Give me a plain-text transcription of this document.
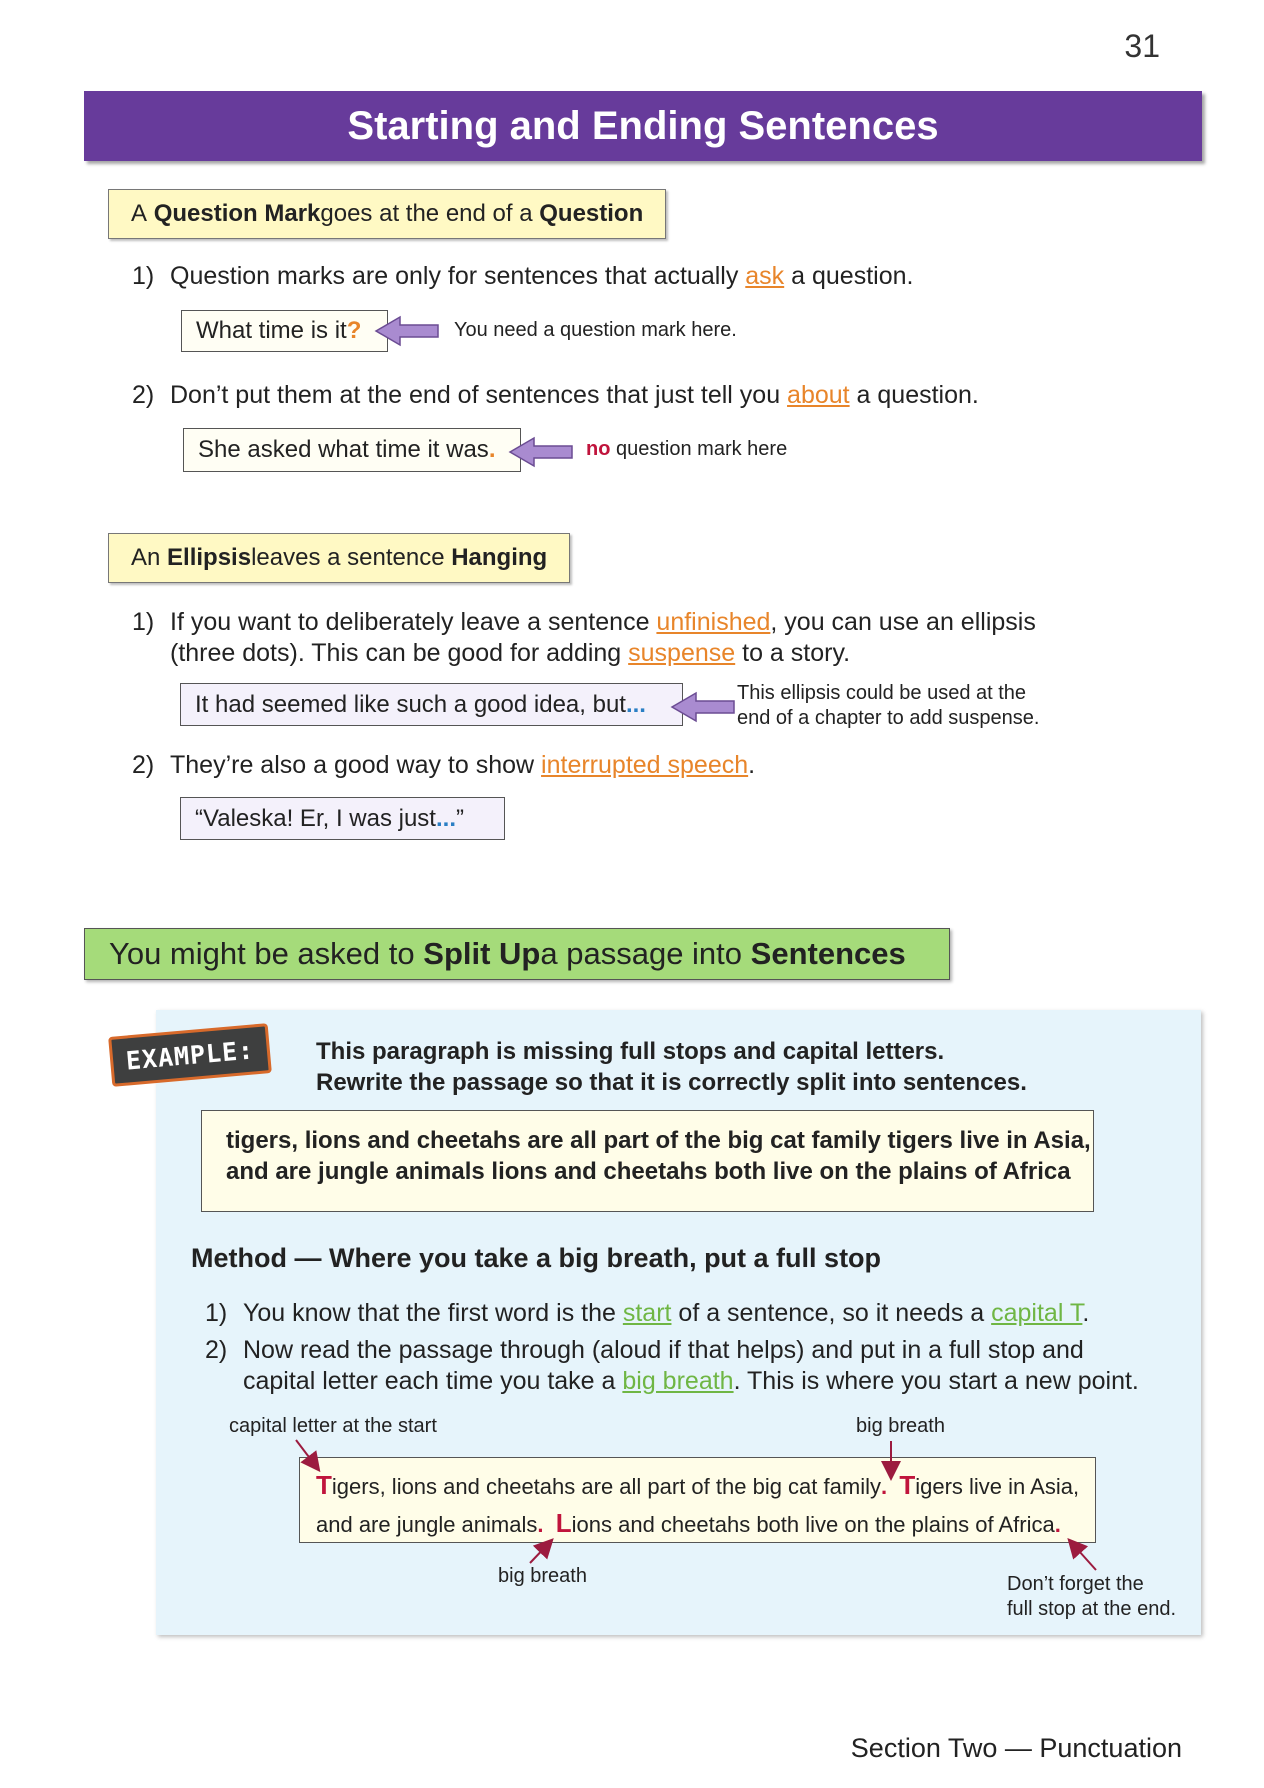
31
Starting and Ending Sentences
A
Question Mark goes at the end of a
Question
1) Question marks are only for sentences that actually ask a question.
What time is it ?	You need a question mark here.
2) Don’t put them at the end of sentences that just tell you about a question.
She asked what time it was .	no question mark here
An
Ellipsis leaves a sentence
Hanging
1) If you want to deliberately leave a sentence unfinished, you can use an ellipsis
(three dots). This can be good for adding suspense to a story.
It had seemed like such a good idea, but ...	This ellipsis could be used at the
end of a chapter to add suspense.
2) They’re also a good way to show interrupted speech.
“Valeska! Er, I was just ... ”
You might be asked to
Split Up a passage into
Sentences
EXAMPLE:	This paragraph is missing full stops and capital letters.
Rewrite the passage so that it is correctly split into sentences.
tigers, lions and cheetahs are all part of the big cat family tigers live in Asia,
and are jungle animals lions and cheetahs both live on the plains of Africa
Method — Where you take a big breath, put a full stop
1) You know that the first word is the start of a sentence, so it needs a capital T.
2) Now read the passage through (aloud if that helps) and put in a full stop and
capital letter each time you take a big breath. This is where you start a new point.
capital letter at the start	big breath
big breath	Don’t forget the
full stop at the end.
Tigers, lions and cheetahs are all part of the big cat family. Tigers live in Asia,
and are jungle animals. Lions and cheetahs both live on the plains of Africa.
Section Two — Punctuation
